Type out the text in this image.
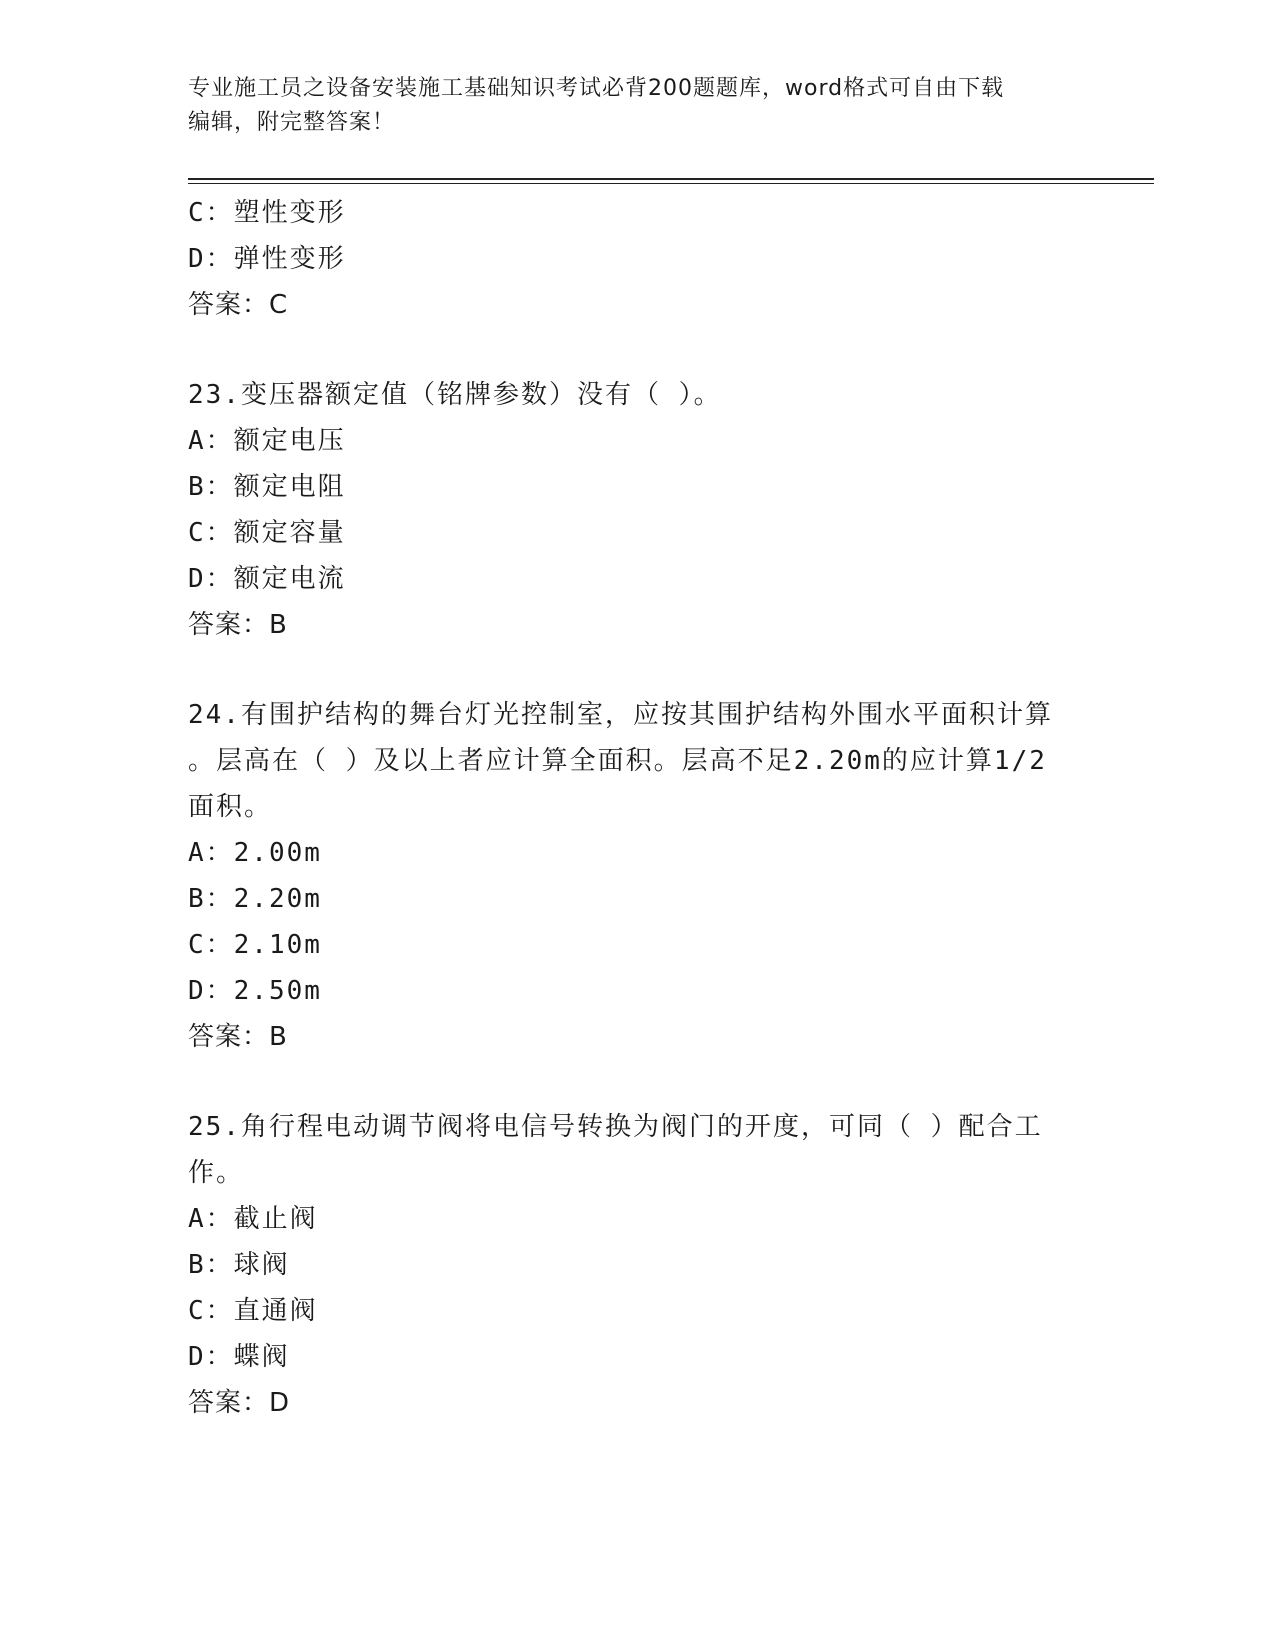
专业施工员之设备安装施工基础知识考试必背200题题库，word格式可自由下载
编辑，附完整答案！
C：塑性变形
D：弹性变形
答案：C
23.变压器额定值（铭牌参数）没有（ ）。
A：额定电压
B：额定电阻
C：额定容量
D：额定电流
答案：B
24.有围护结构的舞台灯光控制室，应按其围护结构外围水平面积计算
。层高在（ ）及以上者应计算全面积。层高不足2.20m的应计算1/2
面积。
A：2.00m
B：2.20m
C：2.10m
D：2.50m
答案：B
25.角行程电动调节阀将电信号转换为阀门的开度，可同（ ）配合工
作。
A：截止阀
B：球阀
C：直通阀
D：蝶阀
答案：D
